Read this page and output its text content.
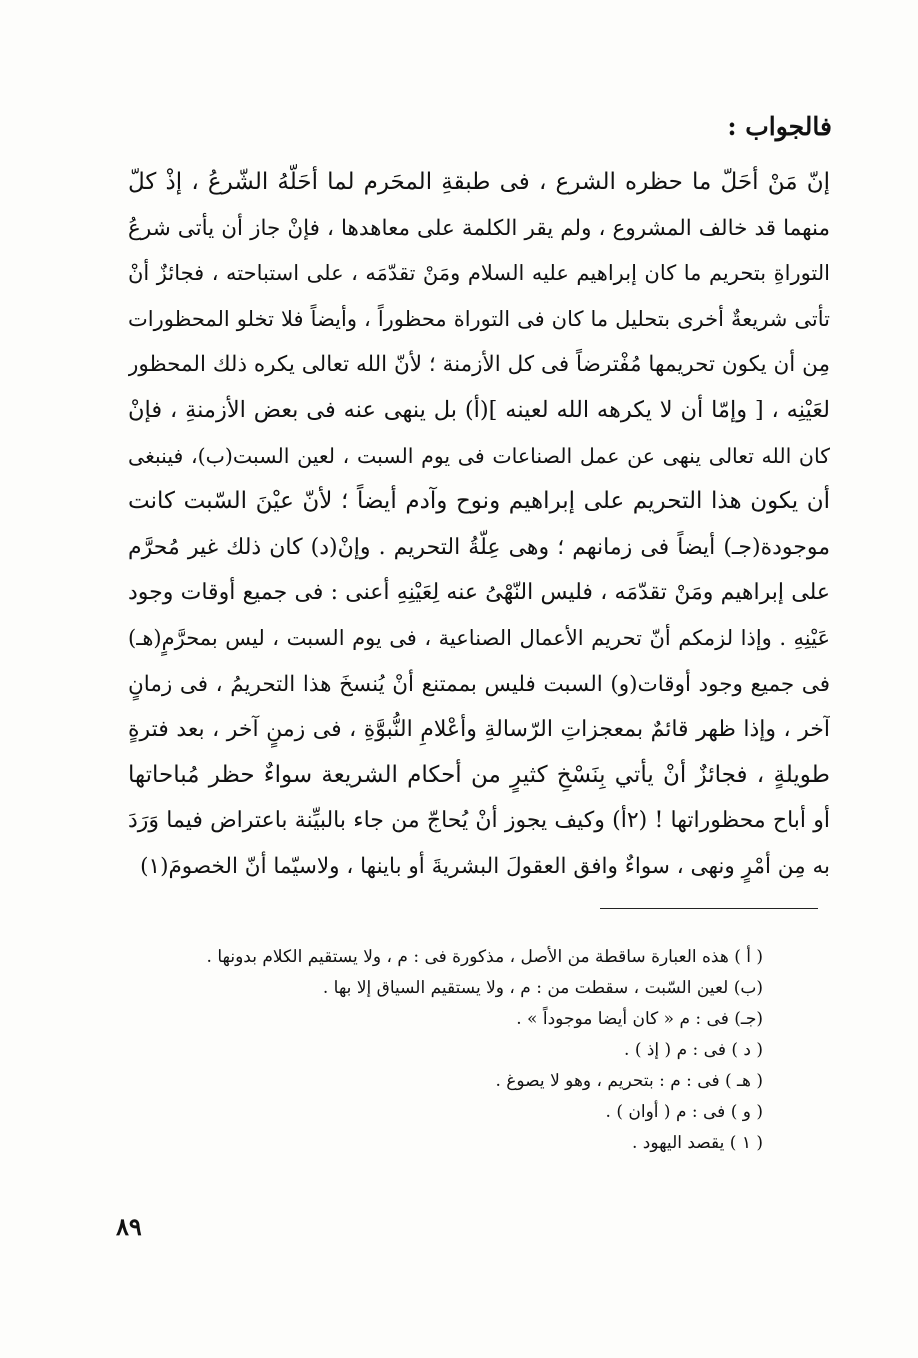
فالجواب :
إنّ مَنْ أحَلّ ما حظره الشرع ، فى طبقةِ المحَرم لما أحَلّهُ الشّرعُ ، إذْ كلّ
منهما قد خالف المشروع ، ولم يقر الكلمة على معاهدها ، فإنْ جاز أن يأتى شرعُ
التوراةِ بتحريم ما كان إبراهيم عليه السلام ومَنْ تقدّمَه ، على استباحته ، فجائزٌ أنْ
تأتى شريعةٌ أخرى بتحليل ما كان فى التوراة محظوراً ، وأيضاً فلا تخلو المحظورات
مِن أن يكون تحريمها مُفْترضاً فى كل الأزمنة ؛ لأنّ الله تعالى يكره ذلك المحظور
لعَيْنِه ، [ وإمّا أن لا يكرهه الله لعينه ](أ) بل ينهى عنه فى بعض الأزمنةِ ، فإنْ
كان الله تعالى ينهى عن عمل الصناعات فى يوم السبت ، لعين السبت(ب)، فينبغى
أن يكون هذا التحريم على إبراهيم ونوح وآدم أيضاً ؛ لأنّ عيْنَ السّبت كانت
موجودة(جـ) أيضاً فى زمانهم ؛ وهى عِلّةُ التحريم . وإنْ(د) كان ذلك غير مُحرَّم
على إبراهيم ومَنْ تقدّمَه ، فليس النّهْىُ عنه لِعَيْنِهِ أعنى : فى جميع أوقات وجود
عَيْنِهِ . وإذا لزمكم أنّ تحريم الأعمال الصناعية ، فى يوم السبت ، ليس بمحرَّمٍ(هـ)
فى جميع وجود أوقات(و) السبت فليس بممتنع أنْ يُنسخَ هذا التحريمُ ، فى زمانٍ
آخر ، وإذا ظهر قائمٌ بمعجزاتِ الرّسالةِ وأعْلامِ النُّبوَّةِ ، فى زمنٍ آخر ، بعد فترةٍ
طويلةٍ ، فجائزٌ أنْ يأتي بِنَسْخِ كثيرٍ من أحكام الشريعة سواءٌ حظر مُباحاتها
أو أباح محظوراتها ! (٢أ) وكيف يجوز أنْ يُحاجّ من جاء بالبيِّنة باعتراض فيما وَرَدَ
به مِن أمْرٍ ونهى ، سواءٌ وافق العقولَ البشريةَ أو باينها ، ولاسيّما أنّ الخصومَ(١)
( أ ) هذه العبارة ساقطة من الأصل ، مذكورة فى : م ، ولا يستقيم الكلام بدونها .
(ب) لعين السّبت ، سقطت من : م ، ولا يستقيم السياق إلا بها .
(جـ) فى : م « كان أيضا موجوداً » .
( د ) فى : م ( إذ ) .
( هـ ) فى : م : بتحريم ، وهو لا يصوغ .
( و ) فى : م ( أوان ) .
( ١ ) يقصد اليهود .
٨٩
